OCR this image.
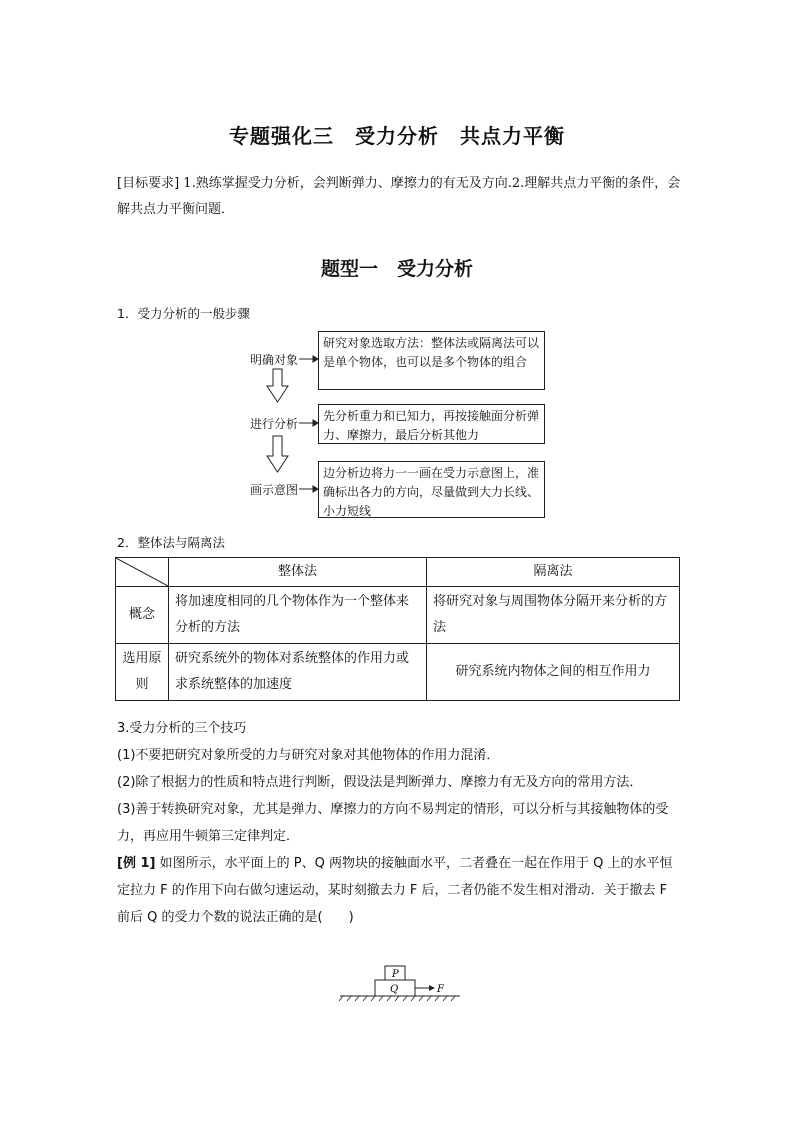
专题强化三　受力分析　共点力平衡
[目标要求] 1.熟练掌握受力分析，会判断弹力、摩擦力的有无及方向.2.理解共点力平衡的条件，会解共点力平衡问题．
题型一　受力分析
1．受力分析的一般步骤
明确对象
进行分析
画示意图
研究对象选取方法：整体法或隔离法可以是单个物体，也可以是多个物体的组合
先分析重力和已知力，再按接触面分析弹力、摩擦力，最后分析其他力
边分析边将力一一画在受力示意图上，准确标出各力的方向，尽量做到大力长线、小力短线
2．整体法与隔离法
	整体法	隔离法
概念	将加速度相同的几个物体作为一个整体来分析的方法	将研究对象与周围物体分隔开来分析的方法
选用原则	研究系统外的物体对系统整体的作用力或求系统整体的加速度	研究系统内物体之间的相互作用力
3.受力分析的三个技巧
(1)不要把研究对象所受的力与研究对象对其他物体的作用力混淆．
(2)除了根据力的性质和特点进行判断，假设法是判断弹力、摩擦力有无及方向的常用方法．
(3)善于转换研究对象，尤其是弹力、摩擦力的方向不易判定的情形，可以分析与其接触物体的受力，再应用牛顿第三定律判定．
[例 1] 如图所示，水平面上的 P、Q 两物块的接触面水平，二者叠在一起在作用于 Q 上的水平恒定拉力 F 的作用下向右做匀速运动，某时刻撤去力 F 后，二者仍能不发生相对滑动．关于撤去 F 前后 Q 的受力个数的说法正确的是(　　)
P
Q	F
